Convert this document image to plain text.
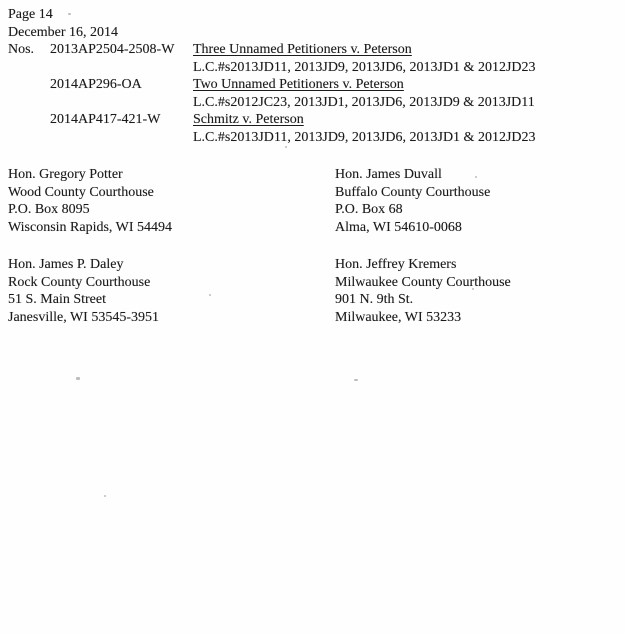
Page 14
December 16, 2014
Nos.	2013AP2504-2508-W	Three Unnamed Petitioners v. Peterson
L.C.#s2013JD11, 2013JD9, 2013JD6, 2013JD1 & 2012JD23
2014AP296-OA	Two Unnamed Petitioners v. Peterson
L.C.#s2012JC23, 2013JD1, 2013JD6, 2013JD9 & 2013JD11
2014AP417-421-W	Schmitz v. Peterson
L.C.#s2013JD11, 2013JD9, 2013JD6, 2013JD1 & 2012JD23
Hon. Gregory Potter
Wood County Courthouse
P.O. Box 8095
Wisconsin Rapids, WI 54494
Hon. James Duvall
Buffalo County Courthouse
P.O. Box 68
Alma, WI 54610-0068
Hon. James P. Daley
Rock County Courthouse
51 S. Main Street
Janesville, WI 53545-3951
Hon. Jeffrey Kremers
Milwaukee County Courthouse
901 N. 9th St.
Milwaukee, WI 53233
